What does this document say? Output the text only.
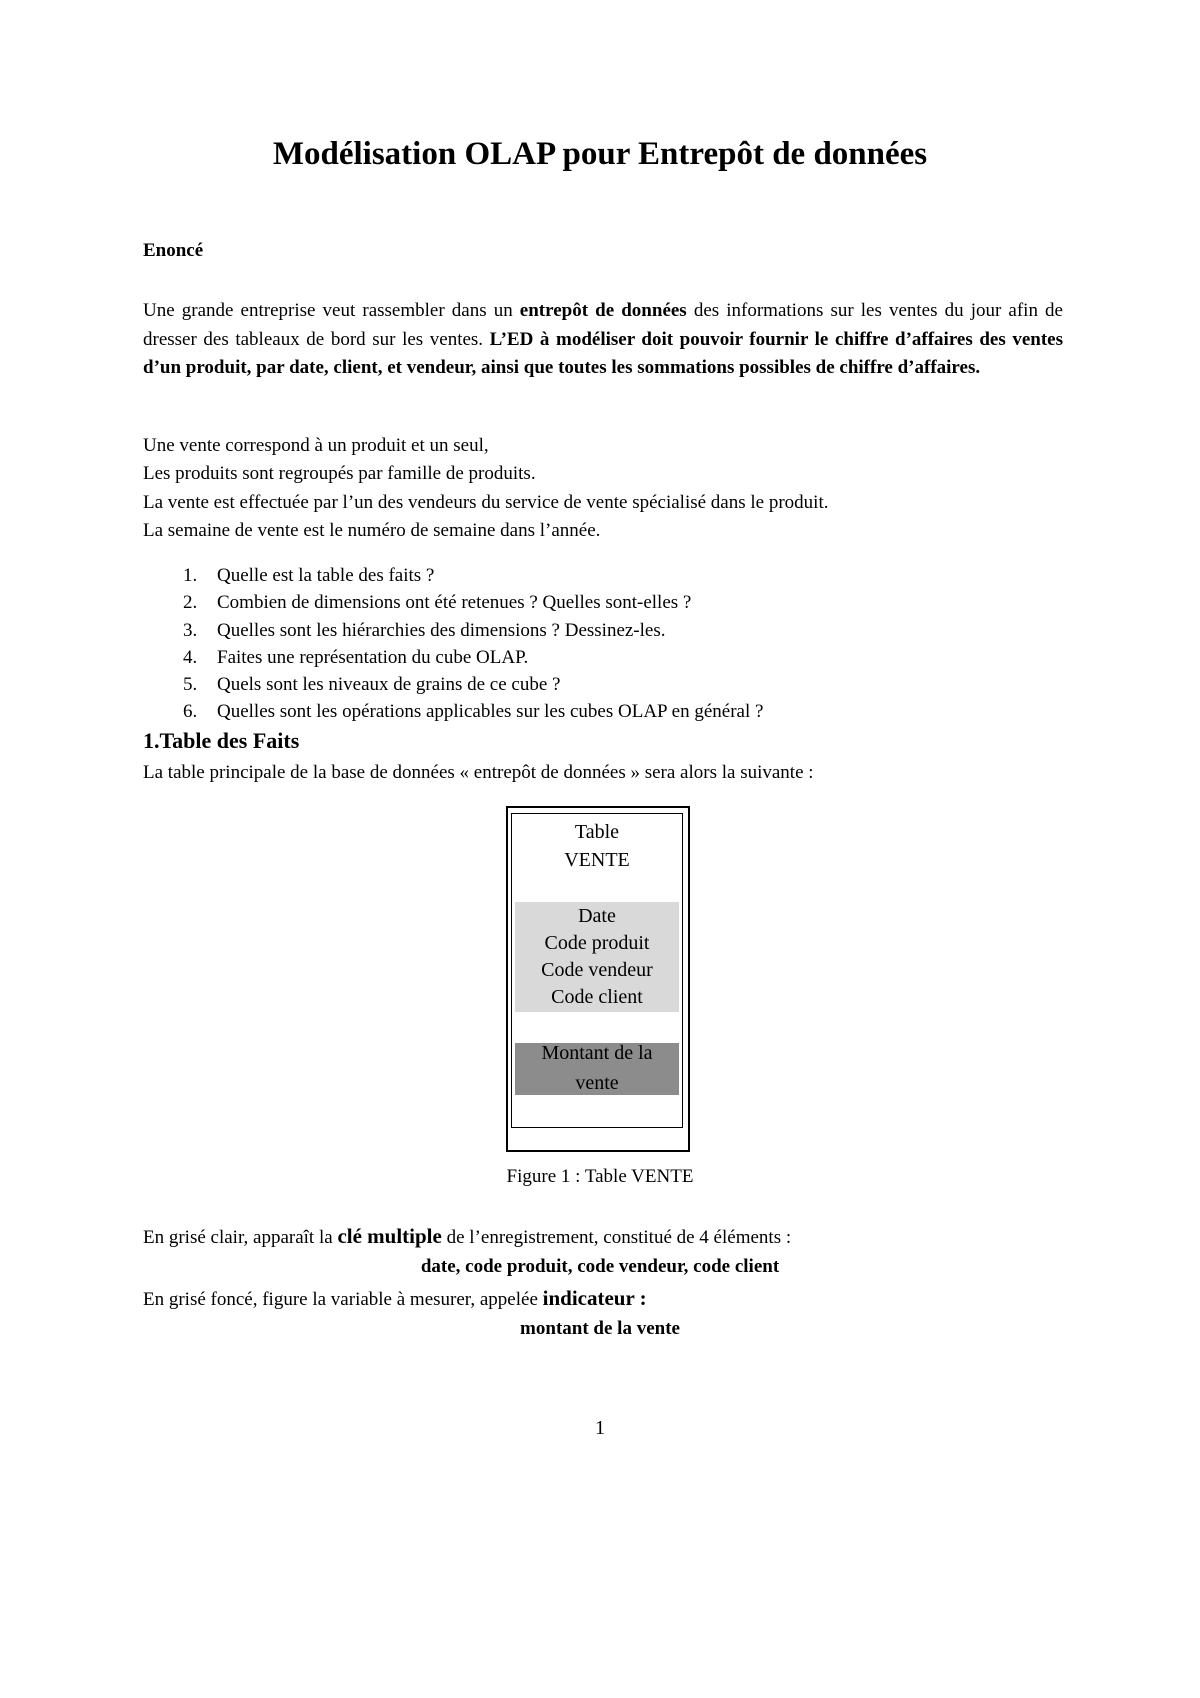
Modélisation OLAP pour Entrepôt de données
Enoncé
Une grande entreprise veut rassembler dans un entrepôt de données des informations sur les ventes du jour afin de dresser des tableaux de bord sur les ventes. L’ED à modéliser doit pouvoir fournir le chiffre d’affaires des ventes d’un produit, par date, client, et vendeur, ainsi que toutes les sommations possibles de chiffre d’affaires.
Une vente correspond à un produit et un seul,
Les produits sont regroupés par famille de produits.
La vente est effectuée par l’un des vendeurs du service de vente spécialisé dans le produit.
La semaine de vente est le numéro de semaine dans l’année.
1.	Quelle est la table des faits ?
2.	Combien de dimensions ont été retenues ? Quelles sont-elles ?
3.	Quelles sont les hiérarchies des dimensions ? Dessinez-les.
4.	Faites une représentation du cube OLAP.
5.	Quels sont les niveaux de grains de ce cube ?
6.	Quelles sont les opérations applicables sur les cubes OLAP en général ?
1.Table des Faits
La table principale de la base de données « entrepôt de données » sera alors la suivante :
Table
VENTE
Date
Code produit
Code vendeur
Code client
Montant de la
vente
Figure 1 : Table VENTE
En grisé clair, apparaît la clé multiple de l’enregistrement, constitué de 4 éléments :
date, code produit, code vendeur, code client
En grisé foncé, figure la variable à mesurer, appelée indicateur :
montant de la vente
1
